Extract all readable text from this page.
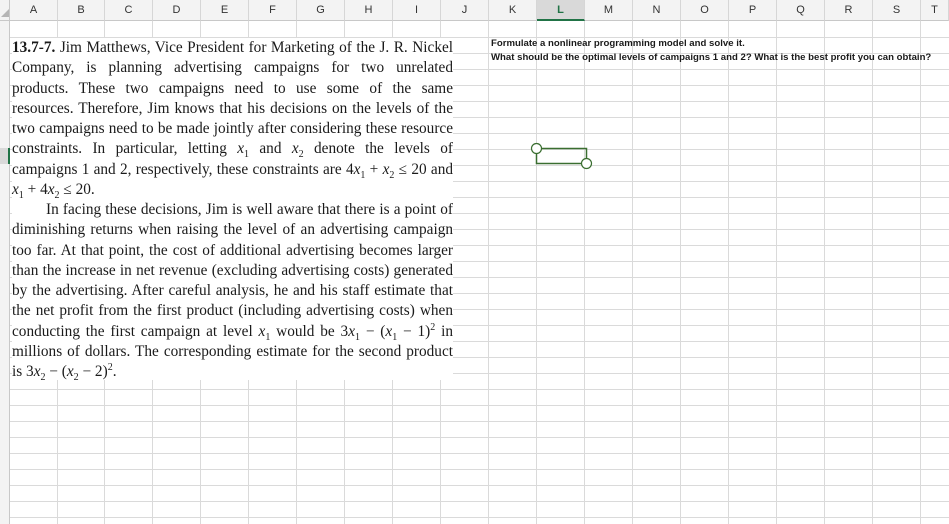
A	B	C	D	E	F	G	H	I	J	K	L	M	N	O	P	Q	R	S	T

13.7-7. Jim Matthews, Vice President for Marketing of the J. R. Nickel Company, is planning advertising campaigns for two unrelated products. These two campaigns need to use some of the same resources. Therefore, Jim knows that his decisions on the levels of the two campaigns need to be made jointly after considering these resource constraints. In particular, letting $x_1$ and $x_2$ denote the levels of campaigns 1 and 2, respectively, these constraints are $4x_1 + x_2 \le 20$ and $x_1 + 4x_2 \le 20$.

In facing these decisions, Jim is well aware that there is a point of diminishing returns when raising the level of an advertising campaign too far. At that point, the cost of additional advertising becomes larger than the increase in net revenue (excluding advertising costs) generated by the advertising. After careful analysis, he and his staff estimate that the net profit from the first product (including advertising costs) when conducting the first campaign at level $x_1$ would be $3x_1 - (x_1 - 1)^2$ in millions of dollars. The corresponding estimate for the second product is $3x_2 - (x_2 - 2)^2$.

Formulate a nonlinear programming model and solve it.
What should be the optimal levels of campaigns 1 and 2? What is the best profit you can obtain?
